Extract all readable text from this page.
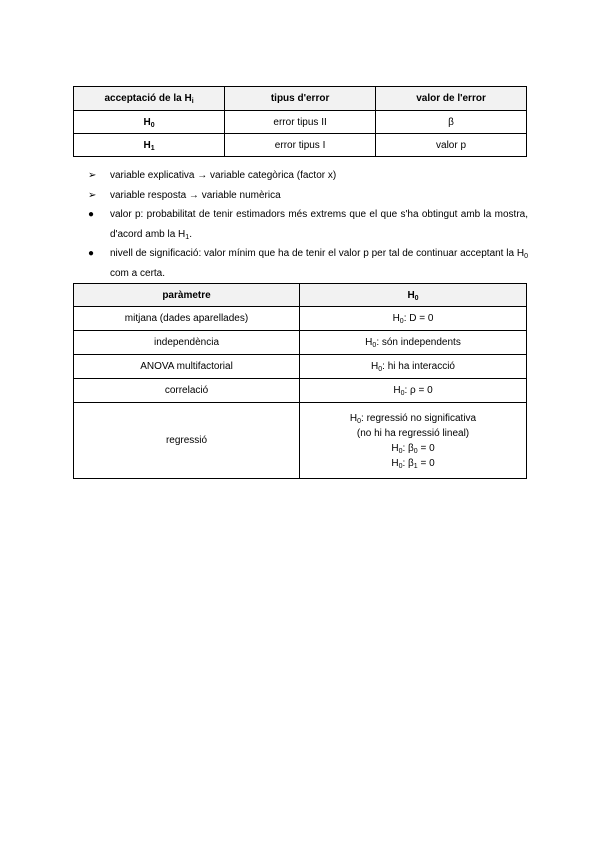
acceptació de la $H_i$	tipus d'error	valor de l'error
$H_0$	error tipus II	β
$H_1$	error tipus I	valor p
➢ variable explicativa → variable categòrica (factor x)
➢ variable resposta → variable numèrica
● valor p: probabilitat de tenir estimadors més extrems que el que s'ha obtingut amb la mostra, d'acord amb la $H_1$.
● nivell de significació: valor mínim que ha de tenir el valor p per tal de continuar acceptant la $H_0$ com a certa.
paràmetre	$H_0$
mitjana (dades aparellades)	$H_0$: D = 0
independència	$H_0$: són independents
ANOVA multifactorial	$H_0$: hi ha interacció
correlació	$H_0$: ρ = 0
regressió	$H_0$: regressió no significativa
(no hi ha regressió lineal)
$H_0$: $\beta_0 = 0$
$H_0$: $\beta_1 = 0$
